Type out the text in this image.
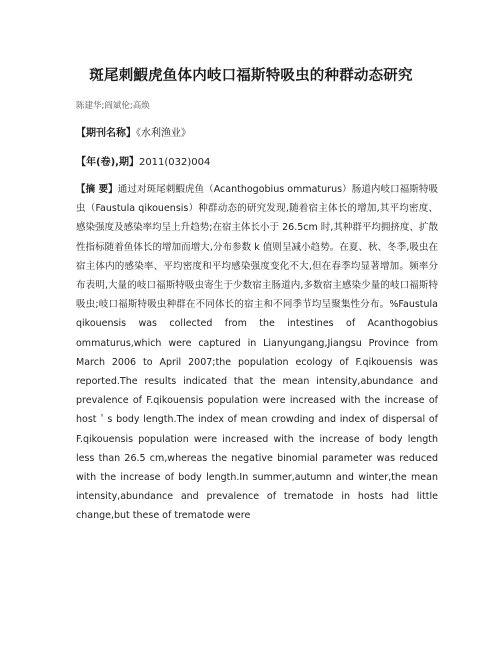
斑尾刺鰕虎鱼体内岐口福斯特吸虫的种群动态研究
陈建华;阎斌伦;高焕
【期刊名称】《水利渔业》
【年(卷),期】2011(032)004
【摘 要】通过对斑尾刺鰕虎鱼（Acanthogobius ommaturus）肠道内岐口福斯特吸虫（Faustula qikouensis）种群动态的研究发现,随着宿主体长的增加,其平均密度、感染强度及感染率均呈上升趋势;在宿主体长小于 26.5cm 时,其种群平均拥挤度、扩散性指标随着鱼体长的增加而增大,分布参数 k 值则呈减小趋势。在夏、秋、冬季,吸虫在宿主体内的感染率、平均密度和平均感染强度变化不大,但在春季均显著增加。频率分布表明,大量的岐口福斯特吸虫寄生于少数宿主肠道内,多数宿主感染少量的岐口福斯特吸虫;岐口福斯特吸虫种群在不同体长的宿主和不同季节均呈聚集性分布。%Faustula qikouensis was collected from the intestines of Acanthogobius ommaturus,which were captured in Lianyungang,Jiangsu Province from March 2006 to April 2007;the population ecology of F.qikouensis was reported.The results indicated that the mean intensity,abundance and prevalence of F.qikouensis population were increased with the increase of host＇s body length.The index of mean crowding and index of dispersal of F.qikouensis population were increased with the increase of body length less than 26.5 cm,whereas the negative binomial parameter was reduced with the increase of body length.In summer,autumn and winter,the mean intensity,abundance and prevalence of trematode in hosts had little change,but these of trematode were
